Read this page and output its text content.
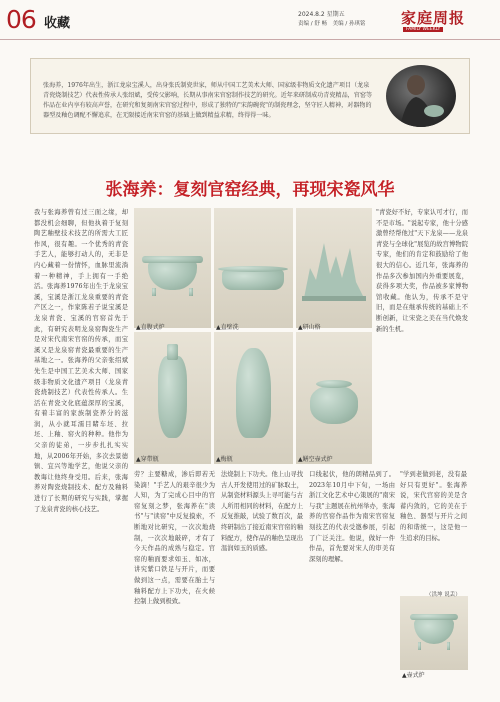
06 收藏
2024.8.2 星期五
责编 / 舒 畅　美编 / 孙琪铭 家庭周报
FAMILY WEEKLY
张海养，1976年出生，浙江龙泉宝溪人，出身张氏制瓷世家，师从中国工艺美术大师、国家级非物质文化遗产项目（龙泉青瓷烧制技艺）代表性传承人张绍斌，受传父影响，长期从事南宋官窑制作技艺的研究。近年来研制成功青瓷精品，官窑等作品在业内享有较高声誉，在研究和复刻南宋官窑过程中，形成了独特的"宋韵碗瓷"的制瓷理念，坚守匠人精神，对器物的器型及釉色调配不懈追求，在无限接近南宋官窑的基础上做到精益求精，终得得一味。
张海养：复刻官窑经典，再现宋瓷风华
我与张海养曾有过三面之缘，却都没机会细聊，但他执着于复刻陶艺釉壁技术技艺的所需大工匠作风，很有趣。一个优秀的青瓷手艺人，能够打动人的，无非是内心藏着一份情怀，血脉里流淌着一种精神，手上拥有一手绝活。张海养1976年出生于龙泉宝溪，宝溪是浙江龙泉重要的青瓷产区之一，作家陈若子说宝溪是龙泉青瓷、宝溪的官窑首先于此，有研究表明龙泉窑陶瓷生产是对宋代南宋官窑的传承，而宝溪又是龙泉窑青瓷最重要的生产基地之一。张海养的父亲张绍斌先生是中国工艺美术大师、国家级非物质文化遗产项目（龙泉青瓷烧制技艺）代表性传承人。生活在青瓷文化底蕴深厚的宝溪，有着丰富的家族制瓷养分的滋润，从小就耳濡目睹车坯、拉坯、上釉、窑火的种种。他作为父亲的徒弟，一步步扎扎实实地，从2006年开始，多次去景德镇、宜兴等地学艺，他说父亲的教诲让他终身受用。后来，张海养对陶瓷烧制技术、配方及釉料进行了长期的研究与实践，掌握了龙泉青瓷的核心技艺。
"青瓷好不好，专家认可才行，而不是市场。"说起专家，他十分感激曾经帮他过"天下龙泉——龙泉青瓷与全球化"展览的故宫博物院专家，他们的肯定和鼓励给了他很大的信心。近几年，张海养的作品多次参加国内外重要展览，获得多项大奖，作品被多家博物馆收藏。他认为，传承不是守旧，而是在继承传统的基础上不断创新，让宋瓷之美在当代焕发新的生机。
劳？主要糖成，渗后即若无染滴！"手艺人的艰辛很少为人知，为了完成心目中的官窑复刻之梦，张海养在"读书"与"读窑"中反复摸索，不断地对比研究，一次次地烧制，一次次地敲碎，才有了今天作品的成熟与稳定。官窑的釉面要求如玉、如冰，讲究紫口铁足与开片，而要做到这一点，需要在胎土与釉料配方上下功夫，在火候控制上做到极致。
法烧制上下功夫。他上山寻找古人开发使用过的矿脉取土，从制瓷材料源头上寻可能与古人所用相同的材料，在配方上反复推敲，试验了数百次，最终研制出了接近南宋官窑的釉料配方，使作品的釉色呈现出温润如玉的质感。
口线起伏，他的朗精品到了。2023年10月中下旬，一场由浙江文化艺术中心策展的"南宋与我"主题展在杭州举办，张海养的官窑作品作为南宋官窑复刻技艺的代表受邀参展，引起了广泛关注。他说，做好一件作品，首先要对宋人的审美有深刻的理解。
"学到老做到老，没有最好只有更好"。张海养说，宋代官窑的美是含蓄内敛的，它的美在于釉色、器型与开片之间的和谐统一，这是他一生追求的目标。
▲直腹式炉	▲直壁洗	▲研山格
▲穿带瓶	▲梅瓶	▲鳝空壶式炉
▲壶式炉
（洪坤 说丢）
